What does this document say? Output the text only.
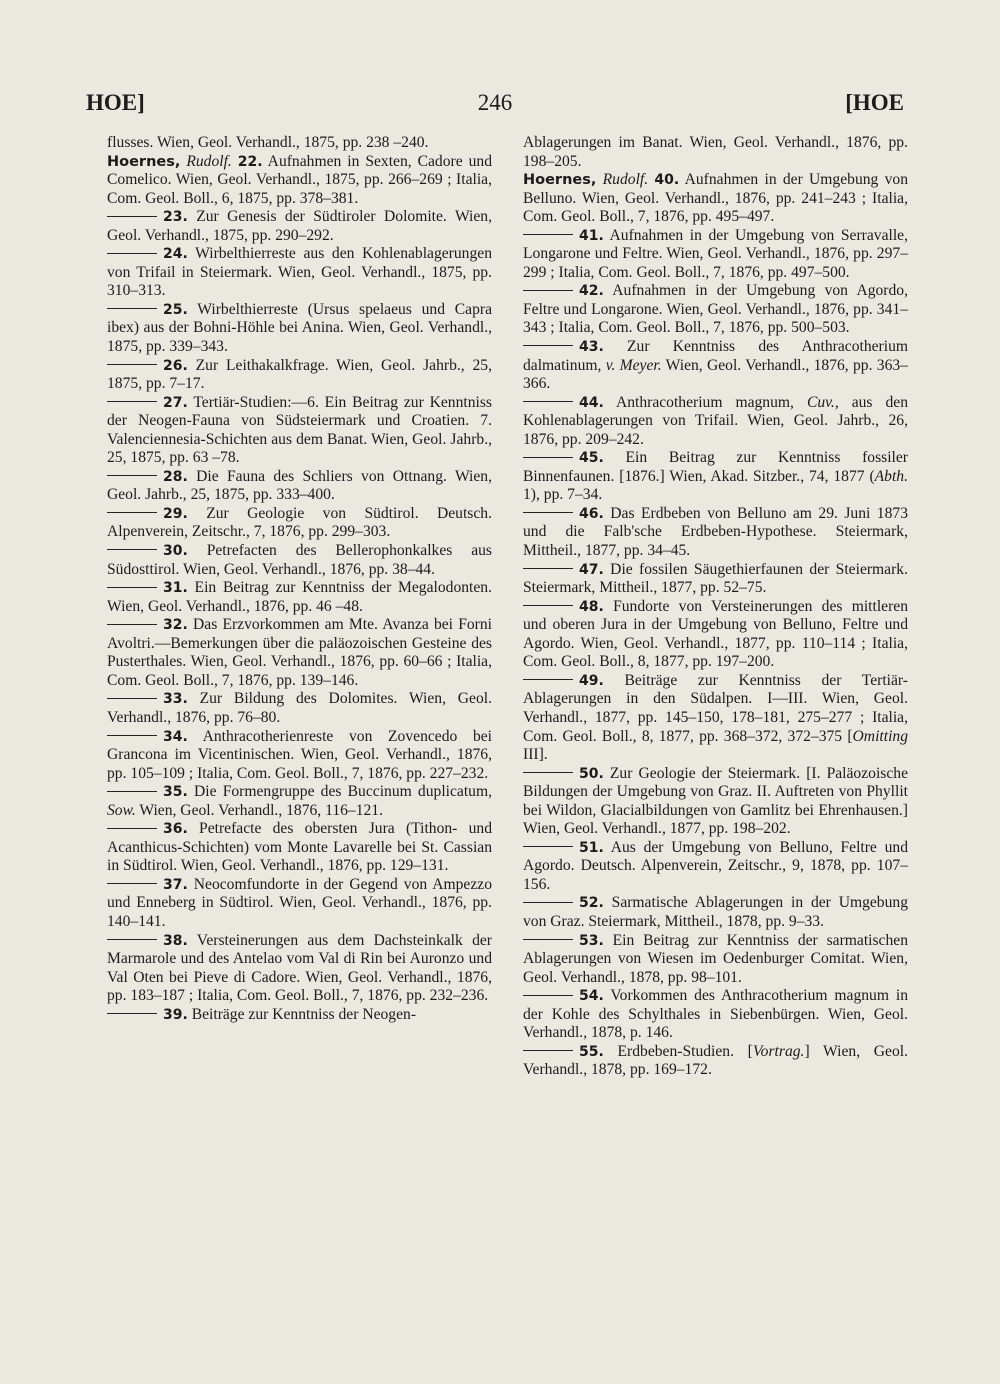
HOE]	246	[HOE

flusses. Wien, Geol. Verhandl., 1875, pp. 238 –240.

Hoernes, Rudolf. 22. Aufnahmen in Sexten, Cadore und Comelico. Wien, Geol. Verhandl., 1875, pp. 266–269 ; Italia, Com. Geol. Boll., 6, 1875, pp. 378–381.

23. Zur Genesis der Südtiroler Dolomite. Wien, Geol. Verhandl., 1875, pp. 290–292.

24. Wirbelthierreste aus den Kohlenablagerungen von Trifail in Steiermark. Wien, Geol. Verhandl., 1875, pp. 310–313.

25. Wirbelthierreste (Ursus spelaeus und Capra ibex) aus der Bohni-Höhle bei Anina. Wien, Geol. Verhandl., 1875, pp. 339–343.

26. Zur Leithakalkfrage. Wien, Geol. Jahrb., 25, 1875, pp. 7–17.

27. Tertiär-Studien:—6. Ein Beitrag zur Kenntniss der Neogen-Fauna von Südsteiermark und Croatien. 7. Valenciennesia-Schichten aus dem Banat. Wien, Geol. Jahrb., 25, 1875, pp. 63 –78.

28. Die Fauna des Schliers von Ottnang. Wien, Geol. Jahrb., 25, 1875, pp. 333–400.

29. Zur Geologie von Südtirol. Deutsch. Alpenverein, Zeitschr., 7, 1876, pp. 299–303.

30. Petrefacten des Bellerophonkalkes aus Südosttirol. Wien, Geol. Verhandl., 1876, pp. 38–44.

31. Ein Beitrag zur Kenntniss der Megalodonten. Wien, Geol. Verhandl., 1876, pp. 46 –48.

32. Das Erzvorkommen am Mte. Avanza bei Forni Avoltri.—Bemerkungen über die paläozoischen Gesteine des Pusterthales. Wien, Geol. Verhandl., 1876, pp. 60–66 ; Italia, Com. Geol. Boll., 7, 1876, pp. 139–146.

33. Zur Bildung des Dolomites. Wien, Geol. Verhandl., 1876, pp. 76–80.

34. Anthracotherienreste von Zovencedo bei Grancona im Vicentinischen. Wien, Geol. Verhandl., 1876, pp. 105–109 ; Italia, Com. Geol. Boll., 7, 1876, pp. 227–232.

35. Die Formengruppe des Buccinum duplicatum, Sow. Wien, Geol. Verhandl., 1876, 116–121.

36. Petrefacte des obersten Jura (Tithon- und Acanthicus-Schichten) vom Monte Lavarelle bei St. Cassian in Südtirol. Wien, Geol. Verhandl., 1876, pp. 129–131.

37. Neocomfundorte in der Gegend von Ampezzo und Enneberg in Südtirol. Wien, Geol. Verhandl., 1876, pp. 140–141.

38. Versteinerungen aus dem Dachsteinkalk der Marmarole und des Antelao vom Val di Rin bei Auronzo und Val Oten bei Pieve di Cadore. Wien, Geol. Verhandl., 1876, pp. 183–187 ; Italia, Com. Geol. Boll., 7, 1876, pp. 232–236.

39. Beiträge zur Kenntniss der Neogen-

Ablagerungen im Banat. Wien, Geol. Verhandl., 1876, pp. 198–205.

Hoernes, Rudolf. 40. Aufnahmen in der Umgebung von Belluno. Wien, Geol. Verhandl., 1876, pp. 241–243 ; Italia, Com. Geol. Boll., 7, 1876, pp. 495–497.

41. Aufnahmen in der Umgebung von Serravalle, Longarone und Feltre. Wien, Geol. Verhandl., 1876, pp. 297–299 ; Italia, Com. Geol. Boll., 7, 1876, pp. 497–500.

42. Aufnahmen in der Umgebung von Agordo, Feltre und Longarone. Wien, Geol. Verhandl., 1876, pp. 341–343 ; Italia, Com. Geol. Boll., 7, 1876, pp. 500–503.

43. Zur Kenntniss des Anthracotherium dalmatinum, v. Meyer. Wien, Geol. Verhandl., 1876, pp. 363–366.

44. Anthracotherium magnum, Cuv., aus den Kohlenablagerungen von Trifail. Wien, Geol. Jahrb., 26, 1876, pp. 209–242.

45. Ein Beitrag zur Kenntniss fossiler Binnenfaunen. [1876.] Wien, Akad. Sitzber., 74, 1877 (Abth. 1), pp. 7–34.

46. Das Erdbeben von Belluno am 29. Juni 1873 und die Falb'sche Erdbeben-Hypothese. Steiermark, Mittheil., 1877, pp. 34–45.

47. Die fossilen Säugethierfaunen der Steiermark. Steiermark, Mittheil., 1877, pp. 52–75.

48. Fundorte von Versteinerungen des mittleren und oberen Jura in der Umgebung von Belluno, Feltre und Agordo. Wien, Geol. Verhandl., 1877, pp. 110–114 ; Italia, Com. Geol. Boll., 8, 1877, pp. 197–200.

49. Beiträge zur Kenntniss der Tertiär-Ablagerungen in den Südalpen. I—III. Wien, Geol. Verhandl., 1877, pp. 145–150, 178–181, 275–277 ; Italia, Com. Geol. Boll., 8, 1877, pp. 368–372, 372–375 [Omitting III].

50. Zur Geologie der Steiermark. [I. Paläozoische Bildungen der Umgebung von Graz. II. Auftreten von Phyllit bei Wildon, Glacialbildungen von Gamlitz bei Ehrenhausen.] Wien, Geol. Verhandl., 1877, pp. 198–202.

51. Aus der Umgebung von Belluno, Feltre und Agordo. Deutsch. Alpenverein, Zeitschr., 9, 1878, pp. 107–156.

52. Sarmatische Ablagerungen in der Umgebung von Graz. Steiermark, Mittheil., 1878, pp. 9–33.

53. Ein Beitrag zur Kenntniss der sarmatischen Ablagerungen von Wiesen im Oedenburger Comitat. Wien, Geol. Verhandl., 1878, pp. 98–101.

54. Vorkommen des Anthracotherium magnum in der Kohle des Schylthales in Siebenbürgen. Wien, Geol. Verhandl., 1878, p. 146.

55. Erdbeben-Studien. [Vortrag.] Wien, Geol. Verhandl., 1878, pp. 169–172.
